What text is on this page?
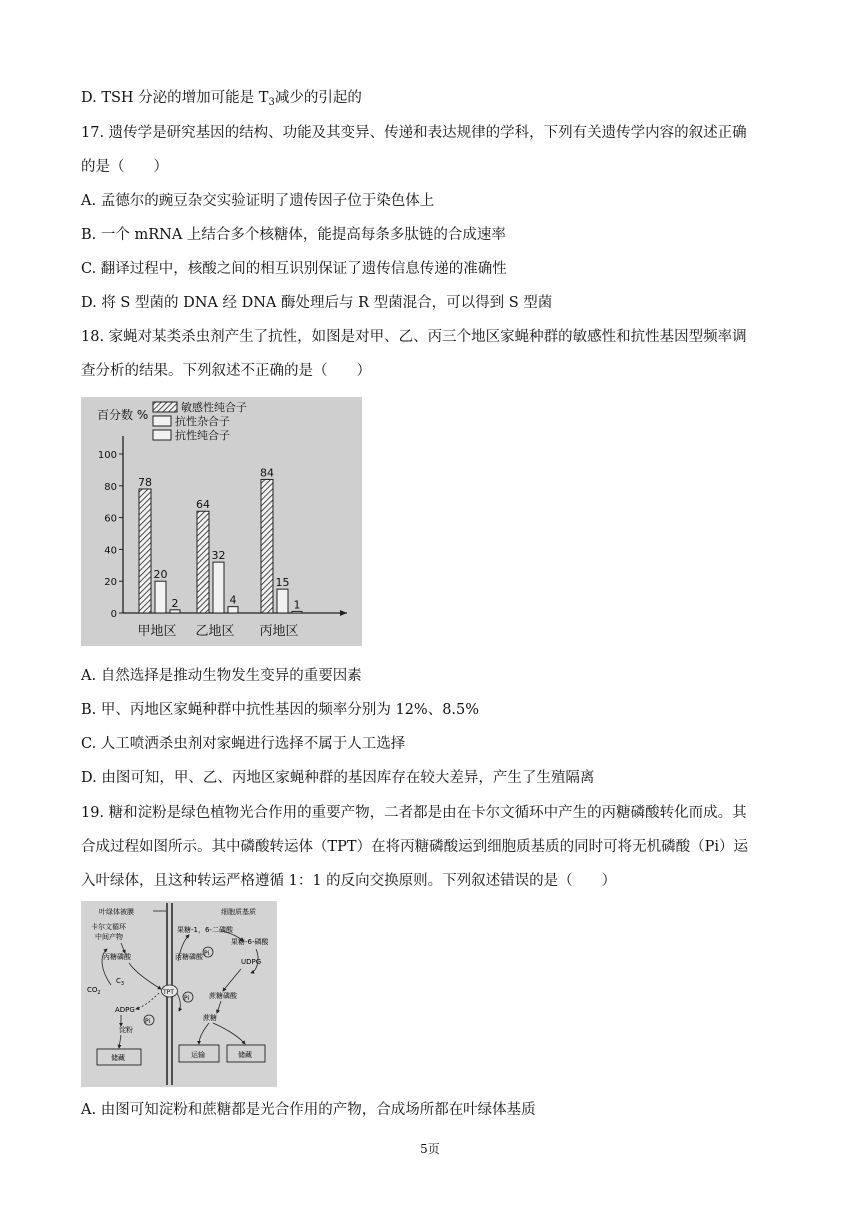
D. TSH 分泌的增加可能是 $T_3$减少的引起的
17. 遗传学是研究基因的结构、功能及其变异、传递和表达规律的学科，下列有关遗传学内容的叙述正确
的是（　　）
A. 孟德尔的豌豆杂交实验证明了遗传因子位于染色体上
B. 一个 mRNA 上结合多个核糖体，能提高每条多肽链的合成速率
C. 翻译过程中，核酸之间的相互识别保证了遗传信息传递的准确性
D. 将 S 型菌的 DNA 经 DNA 酶处理后与 R 型菌混合，可以得到 S 型菌
18. 家蝇对某类杀虫剂产生了抗性，如图是对甲、乙、丙三个地区家蝇种群的敏感性和抗性基因型频率调
查分析的结果。下列叙述不正确的是（　　）
百分数 %
0
20
40
60
80
100
敏感性纯合子
抗性杂合子
抗性纯合子
78
20
2
甲地区
64
32
4
乙地区
84
15
1
丙地区
A. 自然选择是推动生物发生变异的重要因素
B. 甲、丙地区家蝇种群中抗性基因的频率分别为 12%、8.5%
C. 人工喷洒杀虫剂对家蝇进行选择不属于人工选择
D. 由图可知，甲、乙、丙地区家蝇种群的基因库存在较大差异，产生了生殖隔离
19. 糖和淀粉是绿色植物光合作用的重要产物，二者都是由在卡尔文循环中产生的丙糖磷酸转化而成。其
合成过程如图所示。其中磷酸转运体（TPT）在将丙糖磷酸运到细胞质基质的同时可将无机磷酸（Pi）运
入叶绿体，且这种转运严格遵循 1：1 的反向交换原则。下列叙述错误的是（　　）
叶绿体被膜	细胞质基质
卡尔文循环
中间产物
果糖-1，6-二磷酸
果糖-6-磷酸
丙糖磷酸	丙糖磷酸 Pi
UDPG
$C_3$
$CO_2$	TPT
Pi	蔗糖磷酸
ADPG
Pi	蔗糖
淀粉
储藏	运输	储藏
A. 由图可知淀粉和蔗糖都是光合作用的产物，合成场所都在叶绿体基质
5页
